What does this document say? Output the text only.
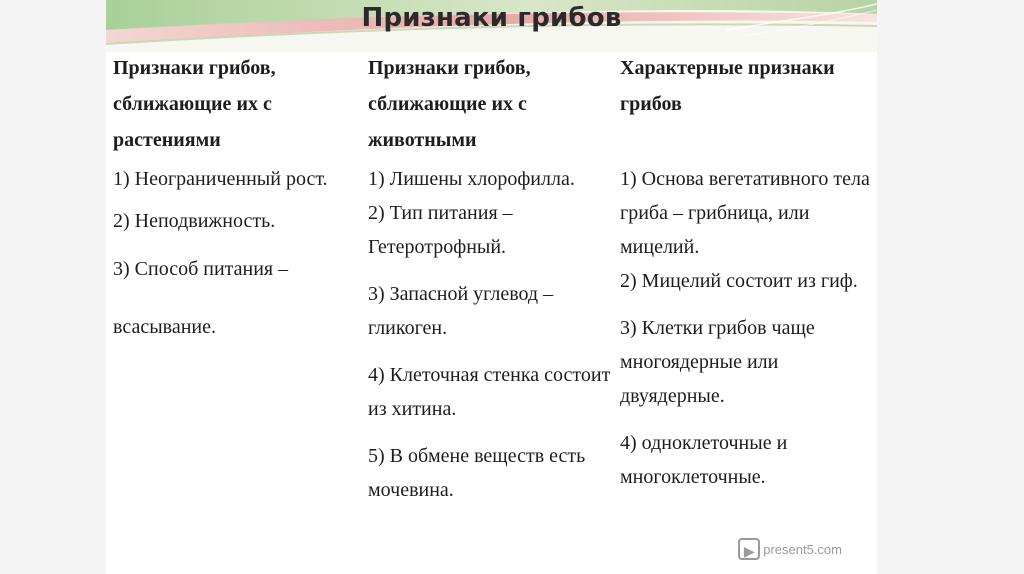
Признаки грибов
Признаки грибов, сближающие их с растениями
1) Неограниченный рост.
2) Неподвижность.
3) Способ питания – всасывание.
Признаки грибов, сближающие их с животными
1) Лишены хлорофилла.
2) Тип питания – Гетеротрофный.
3) Запасной углевод – гликоген.
4) Клеточная стенка состоит из хитина.
5) В обмене веществ есть мочевина.
Характерные признаки грибов
1) Основа вегетативного тела гриба – грибница, или мицелий.
2) Мицелий состоит из гиф.
3) Клетки грибов чаще многоядерные или двуядерные.
4) одноклеточные и многоклеточные.
▶ present5.com
